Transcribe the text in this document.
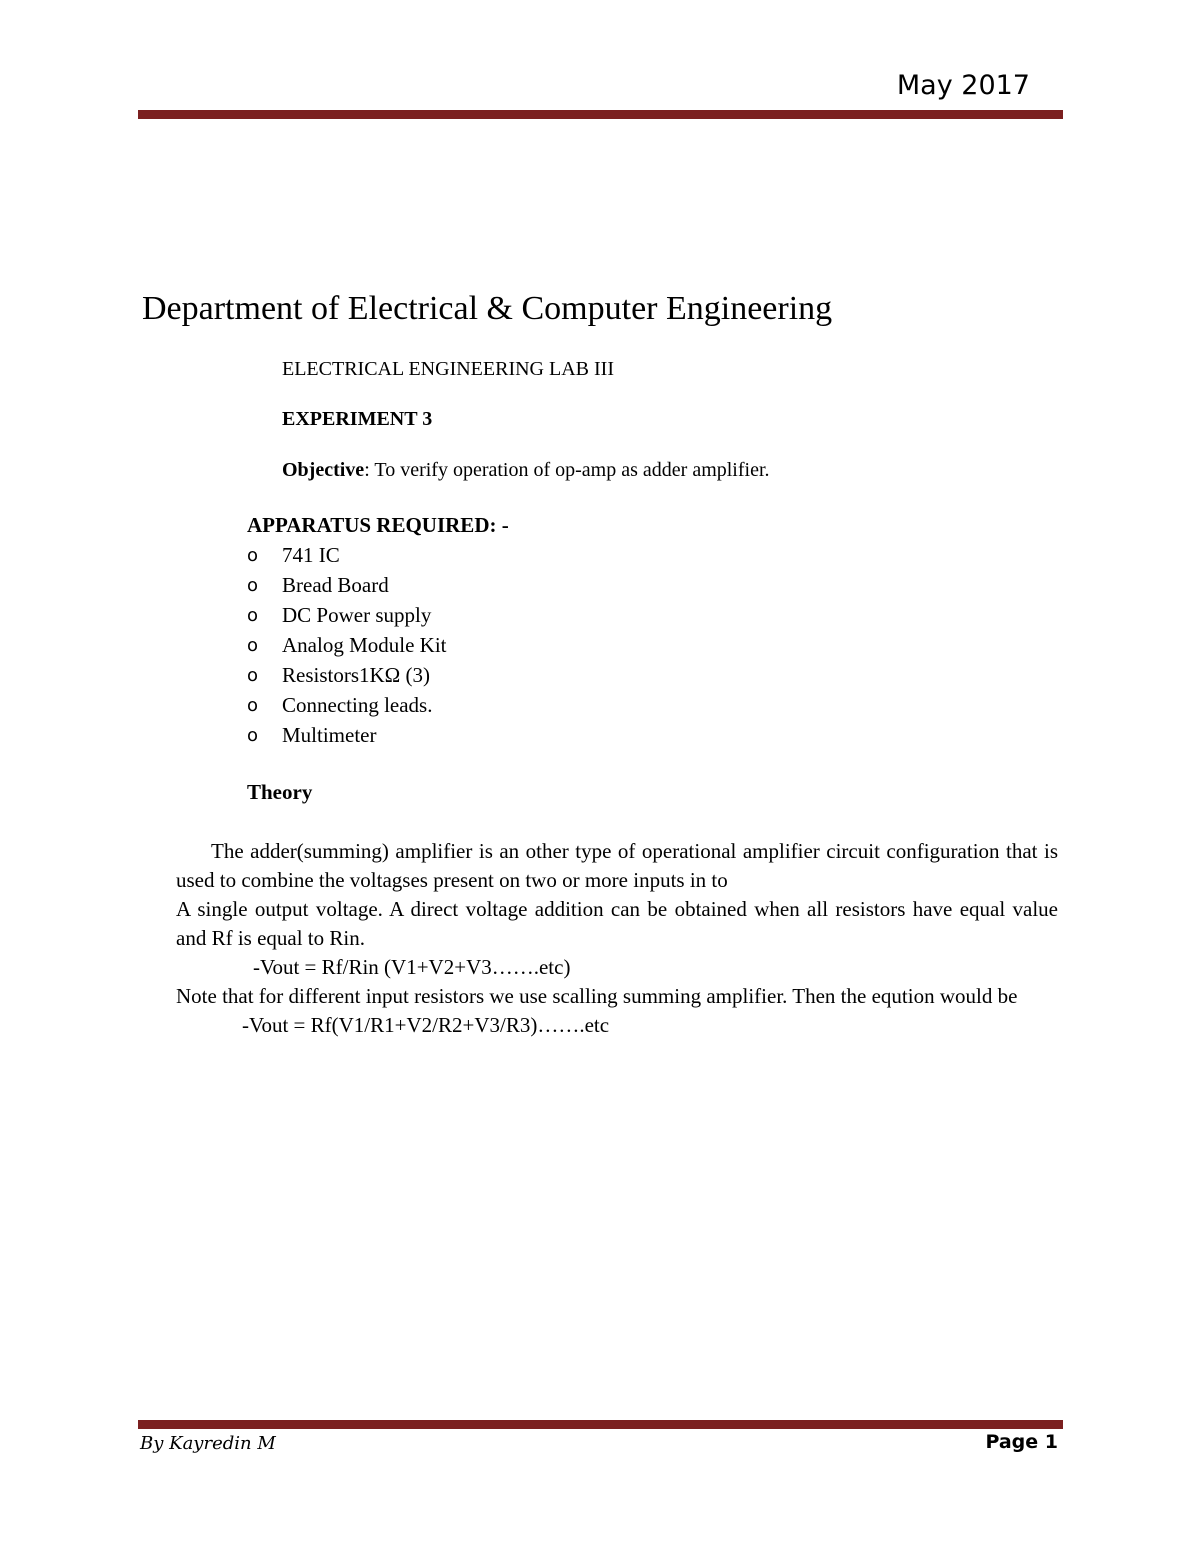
May 2017
Department of Electrical & Computer Engineering
ELECTRICAL ENGINEERING LAB III
EXPERIMENT 3
Objective: To verify operation of op-amp as adder amplifier.
APPARATUS REQUIRED: -
o	741 IC
o	Bread Board
o	DC Power supply
o	Analog Module Kit
o	Resistors1KΩ (3)
o	Connecting leads.
o	Multimeter
Theory
The adder(summing) amplifier is an other type of operational amplifier circuit configuration that is used to combine the voltagses present on two or more inputs in to
A single output voltage. A direct voltage addition can be obtained when all resistors have equal value and Rf is equal to Rin.
-Vout = Rf/Rin (V1+V2+V3…….etc)
Note that for different input resistors we use scalling summing amplifier. Then the eqution would be
-Vout = Rf(V1/R1+V2/R2+V3/R3)…….etc
By Kayredin M	Page 1
